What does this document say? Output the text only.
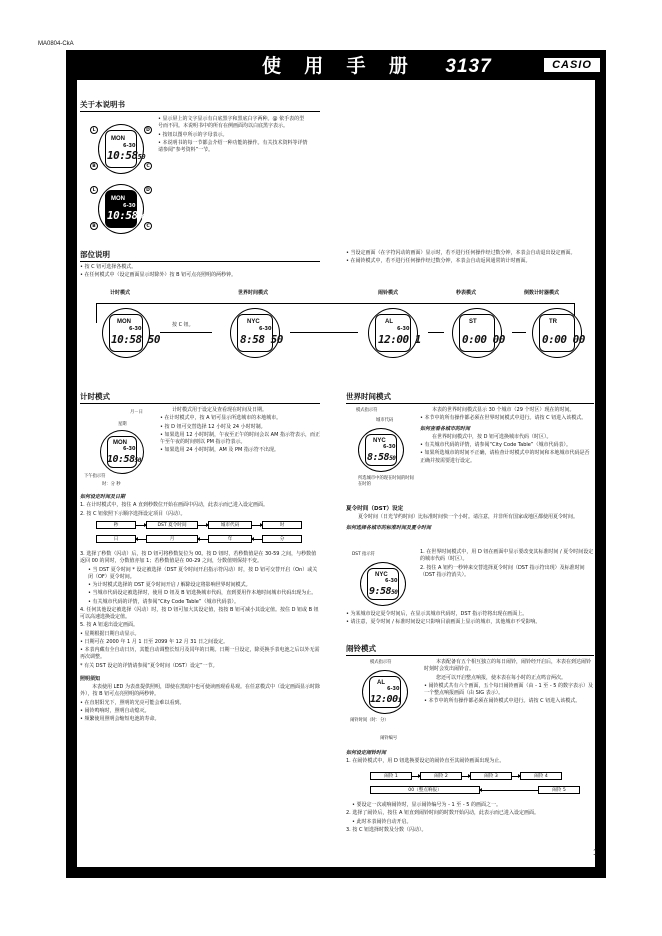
MA0804-CkA
使 用 手 册 3137	CASIO
关于本说明书
MON
6-30
10:5850
L
B
D
C
MON
6-30
10:5850
L
B
D
C

• 显示屏上的文字显示有白底黑字和黑底白字两种。@ 依手表的型号而不同。本说明书中的所有在例画面均以白底黑字表示。

• 按钮以图中所示的字母表示。

• 本说明书的每一节都会介绍一种功能的操作。有关技术资料等详情请参阅“参考资料”一节。

部位说明

• 按 C 钮可选择各模式。

• 在任何模式中（设定画面显示时除外）按 B 钮可点亮照明的两秒钟。

• 当设定画面（在字符闪动的画面）显示时，若不进行任何操作经过数分钟，本表会自动退出设定画面。

• 在闹铃模式中，若不进行任何操作经过数分钟，本表会自动返回通常的计时画面。

计时模式	世界时间模式	闹铃模式	秒表模式	倒数计时器模式
MON
6-30
10:58 50
按 C 钮。	NYC
6-30
8:58 50
AL
6-30
12:00 1
ST
0:00 00
TR
0:00 00
计时模式
月－日
星期
MON
6-30
10:5850
下午指示符
时：分 秒

计时模式用于设定及查看现在时间及日期。

• 在计时模式中，按 A 钮可显示所选城市的本地城市。

• 按 D 钮可交替选择 12 小时及 24 小时时制。

• 如果选用 12 小时时制，午夜至正午的时间会以 AM 指示符表示，而正午至午夜的时间则以 PM 指示符表示。

• 如果选用 24 小时时制，AM 及 PM 指示符不出现。

如何设定时间及日期

1. 在计时模式中，按住 A 直到秒数位开始在画面中闪动，此表示而已进入设定画面。

2. 按 C 钮依照下示顺序选择设定项目（闪动）。

秒	DST 夏令时间	城市代码	时
日	月	年	分

3. 选择了秒数（闪动）后，按 D 钮可将秒数复位为 00。按 D 钮时，若秒数值是在 30-59 之间，与秒数值返回 00 的同时，分数值亦加 1；若秒数值是在 00-29 之间，分数值则保持不变。

• 当 DST 夏令时间 * 设定被选择（DST 夏令时间开启指示符闪动）时，按 D 钮可交替开启（On）或关闭（OF）夏令时间。

• 为计时模式选择的 DST 夏令时间开启 / 解除设定将影响世界时间模式。

• 当城市代码设定被选择时，使用 D 钮及 B 钮选换城市代码，直到要用作本地时间城市代码出现为止。

• 有关城市代码的详情，请参阅“City Code Table”（城市代码表）。

4. 任何其他设定被选择（闪动）时，按 D 钮可加大其设定值，按按 B 钮可减小其设定值。按住 D 钮或 B 钮可以高速选换设定值。

5. 按 A 钮退出设定画面。

• 星期根据日期自动显示。

• 日期可在 2000 年 1 月 1 日至 2099 年 12 月 31 日之间设定。

• 本表内藏有全自动日历，其能自动调整长短月及闰年的日期。日期一旦设定，除更换手表电池之后以外无需再次调整。

* 有关 DST 设定的详情请参阅“夏令时间（DST）设定”一节。

照明须知

本表使用 LED 为表盘提供照明，即使在黑暗中也可使读画观看易观。在任意模式中（设定画面显示时除外），按 B 钮可点亮照明的两秒钟。

• 在直射阳光下，照明的光亮可能会难以看到。

• 闹铃鸣响时，照明自动熄灭。

• 频繁使用照明会缩短电池的寿命。

世界时间模式
模式指示符
城市代码
NYC
6-30
8:5850
所选城市中的现在时间的时间在时的

本表的世界时间模式显示 30 个城市（29 个时区）现在的时间。

• 本节中的所有操作都必须在世界时间模式中进行。请按 C 钮进入该模式。

如何查看各城市的时间

在世界时间模式中，按 D 钮可选换城市代码（时区）。

• 有关城市代码的详情，请参阅“City Code Table”（城市代码表）。

• 如果所选城市的时间不正确，请检查计时模式中的时间和本地城市代码是否正确并按需要进行设定。

夏令时间（DST）设定

夏令时间（日光节约时间）比标准时间快一个小时。请注意，并非所有国家或地区都使用夏令时间。

如何选择各城市的标准时间及夏令时间

DST 指示符
NYC
6-30
9:5850

1. 在世界时间模式中，用 D 钮在画面中显示要改变其标准时间 / 夏令时间设定的城市代码（时区）。

2. 按住 A 钮约一秒钟来交替选择夏令时间（DST 指示符出现）及标准时间（DST 指示符消失）。

• 为某城市设定夏令时间后，在显示其城市代码时，DST 指示符将出现在画面上。

• 请注意，夏令时间 / 标准时间设定只影响目前画面上显示的城市，其他城市不受影响。

闹铃模式
模式指示符
AL
6-30
12:001
闹铃时间（时：分）
闹铃编号

本表配备有五个相互独立的每日闹铃，闹铃经开启后，本表在到达闹铃时刻时会发出闹铃音。

您还可以开启整点响报，使本表在每小时的正点鸣音两次。

• 闹铃模式共有六个画面，五个每日闹铃画面（由 - 1 至 - 5 的数字表示）及一个整点响报画面（由 SIG 表示）。

• 本节中的所有操作都必须在闹铃模式中进行。请按 C 钮进入该模式。

如何设定闹铃时间

1. 在闹铃模式中，用 D 钮选换要设定的闹铃直至其闹铃画面出现为止。

闹铃 1	闹铃 2	闹铃 3	闹铃 4
00（整点响报）	闹铃 5

• 要设定一次或响闹铃时，显示闹铃编号为 - 1 至 - 5 的画面之一。

2. 选择了闹铃后，按住 A 钮直到闹铃时间的时数开始闪动，此表示而已进入设定画面。

• 此时本表闹铃自动开启。

3. 按 C 钮选择时数及分数（闪动）。

1
